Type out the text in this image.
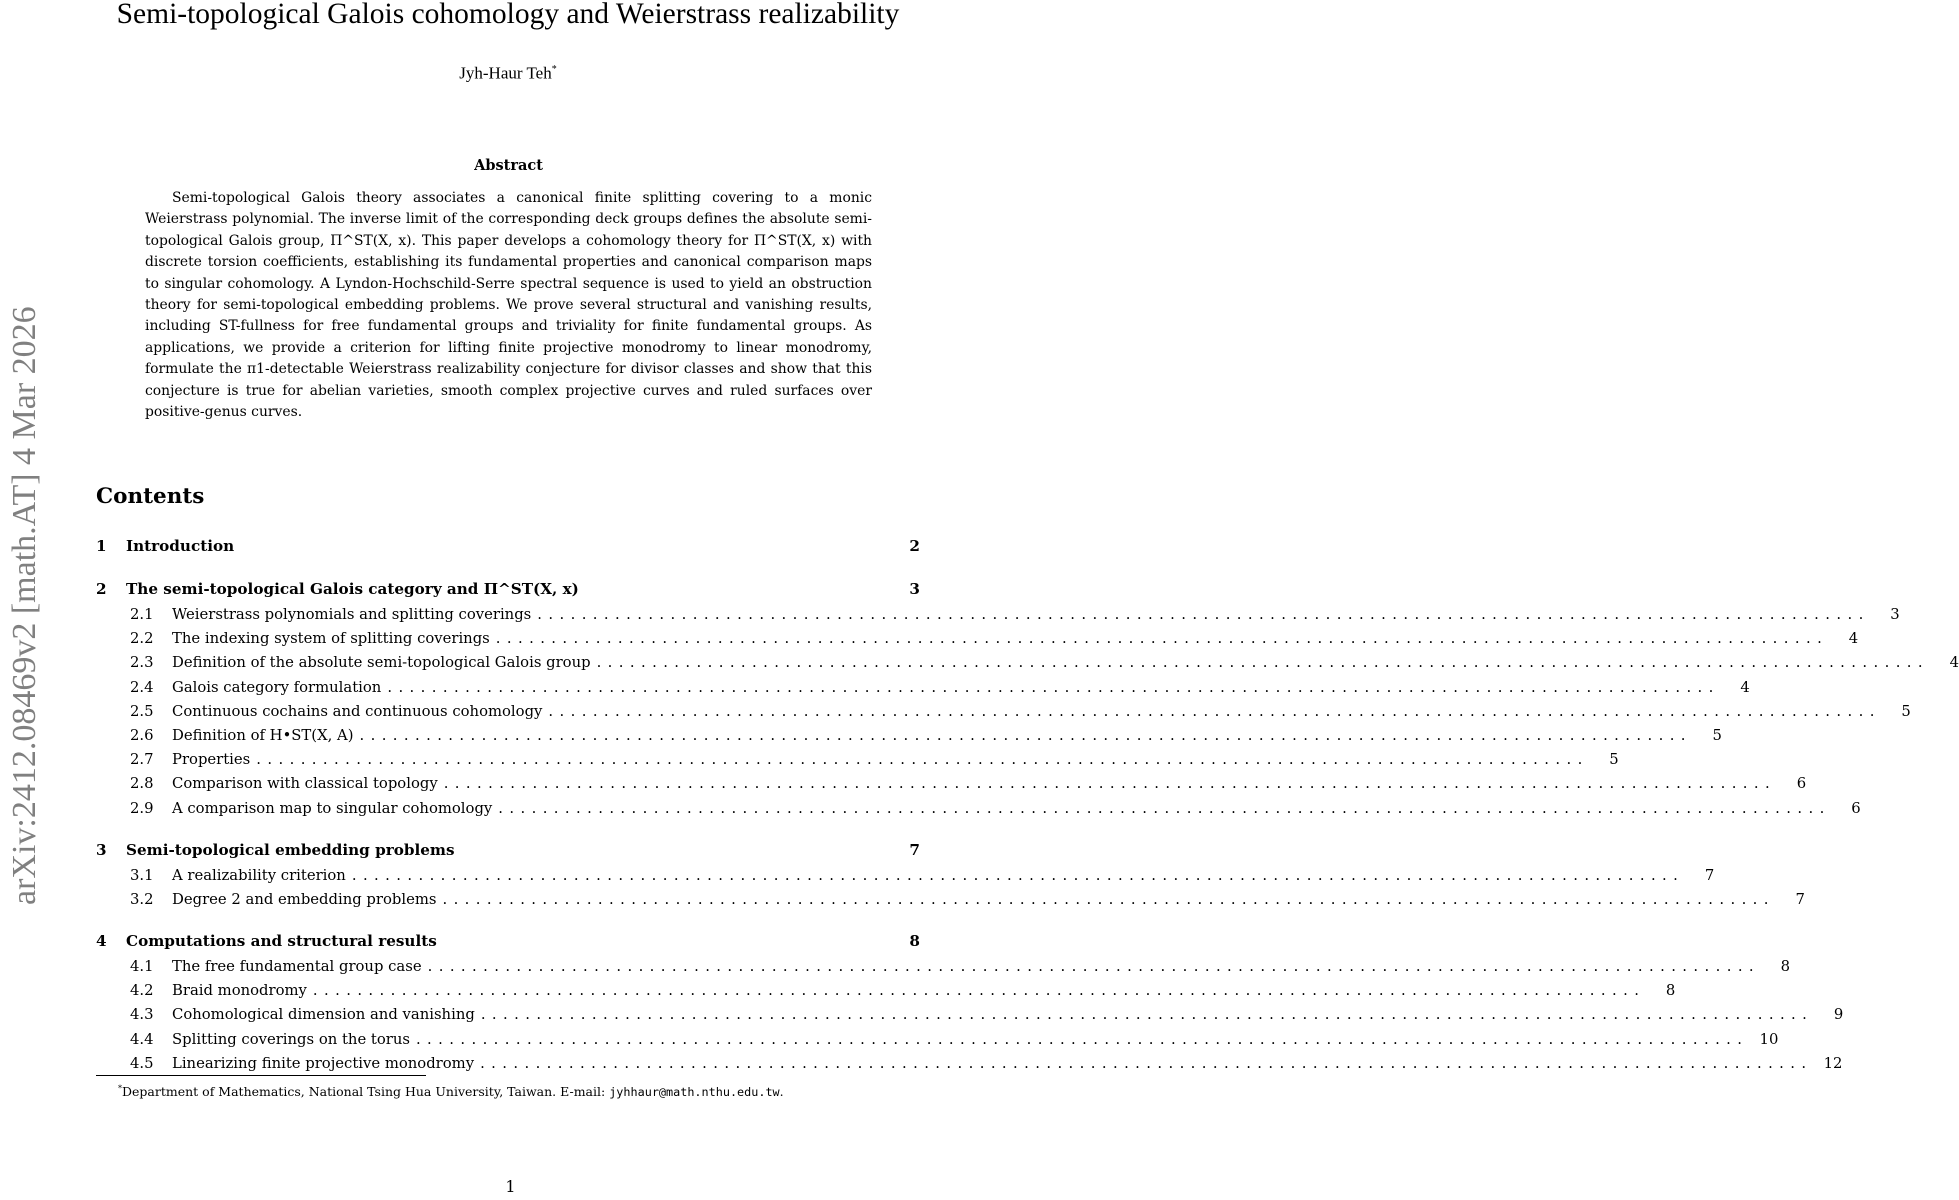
arXiv:2412.08469v2 [math.AT] 4 Mar 2026
Semi-topological Galois cohomology and Weierstrass realizability
Jyh-Haur Teh*
Abstract
Semi-topological Galois theory associates a canonical finite splitting covering to a monic Weierstrass polynomial. The inverse limit of the corresponding deck groups defines the absolute semi-topological Galois group, Π^ST(X, x). This paper develops a cohomology theory for Π^ST(X, x) with discrete torsion coefficients, establishing its fundamental properties and canonical comparison maps to singular cohomology. A Lyndon-Hochschild-Serre spectral sequence is used to yield an obstruction theory for semi-topological embedding problems. We prove several structural and vanishing results, including ST-fullness for free fundamental groups and triviality for finite fundamental groups. As applications, we provide a criterion for lifting finite projective monodromy to linear monodromy, formulate the π1-detectable Weierstrass realizability conjecture for divisor classes and show that this conjecture is true for abelian varieties, smooth complex projective curves and ruled surfaces over positive-genus curves.
Contents
1	Introduction	2
2	The semi-topological Galois category and Π^ST(X, x)	3
2.1	Weierstrass polynomials and splitting coverings ........................................................................................................................	3
2.2	The indexing system of splitting coverings ........................................................................................................................	4
2.3	Definition of the absolute semi-topological Galois group ........................................................................................................................	4
2.4	Galois category formulation ........................................................................................................................	4
2.5	Continuous cochains and continuous cohomology ........................................................................................................................	5
2.6	Definition of H•ST(X, A) ........................................................................................................................	5
2.7	Properties ........................................................................................................................	5
2.8	Comparison with classical topology ........................................................................................................................	6
2.9	A comparison map to singular cohomology ........................................................................................................................	6
3	Semi-topological embedding problems	7
3.1	A realizability criterion ........................................................................................................................	7
3.2	Degree 2 and embedding problems ........................................................................................................................	7
4	Computations and structural results	8
4.1	The free fundamental group case ........................................................................................................................	8
4.2	Braid monodromy ........................................................................................................................	8
4.3	Cohomological dimension and vanishing ........................................................................................................................	9
4.4	Splitting coverings on the torus ........................................................................................................................ 10
4.5	Linearizing finite projective monodromy ........................................................................................................................ 12
*Department of Mathematics, National Tsing Hua University, Taiwan. E-mail: jyhhaur@math.nthu.edu.tw.
1
